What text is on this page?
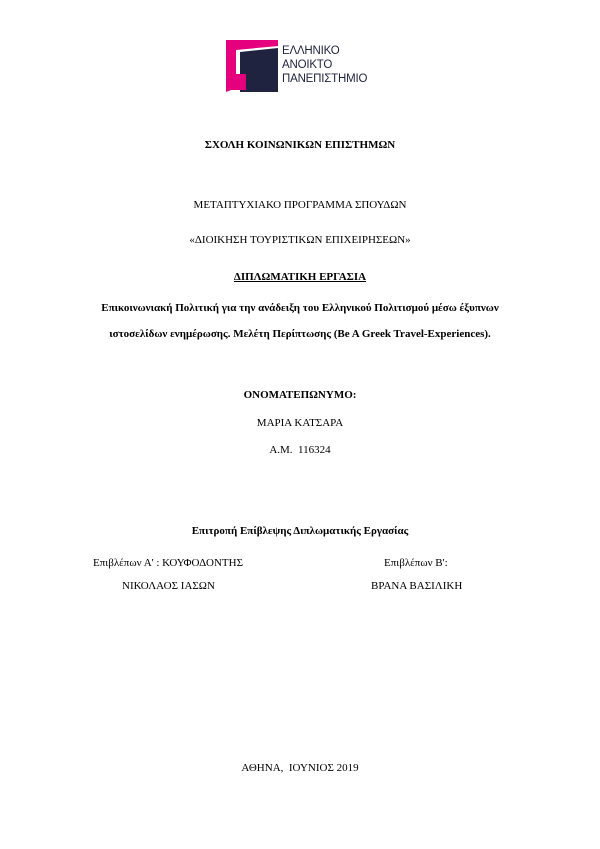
ΕΛΛΗΝΙΚΟ
ΑΝΟΙΚΤΟ
ΠΑΝΕΠΙΣΤΗΜΙΟ
ΣΧΟΛΗ ΚΟΙΝΩΝΙΚΩΝ ΕΠΙΣΤΗΜΩΝ
ΜΕΤΑΠΤΥΧΙΑΚΟ ΠΡΟΓΡΑΜΜΑ ΣΠΟΥΔΩΝ
«ΔΙΟΙΚΗΣΗ ΤΟΥΡΙΣΤΙΚΩΝ ΕΠΙΧΕΙΡΗΣΕΩΝ»
ΔΙΠΛΩΜΑΤΙΚΗ ΕΡΓΑΣΙΑ
Επικοινωνιακή Πολιτική για την ανάδειξη του Ελληνικού Πολιτισμού μέσω έξυπνων
ιστοσελίδων ενημέρωσης. Μελέτη Περίπτωσης (Be A Greek Travel-Experiences).
ΟΝΟΜΑΤΕΠΩΝΥΜΟ:
ΜΑΡΙΑ ΚΑΤΣΑΡΑ
Α.Μ.  116324
Επιτροπή Επίβλεψης Διπλωματικής Εργασίας
Επιβλέπων Α' : ΚΟΥΦΟΔΟΝΤΗΣ
ΝΙΚΟΛΑΟΣ ΙΑΣΩΝ
Επιβλέπων Β':
ΒΡΑΝΑ ΒΑΣΙΛΙΚΗ
ΑΘΗΝΑ,  ΙΟΥΝΙΟΣ 2019
